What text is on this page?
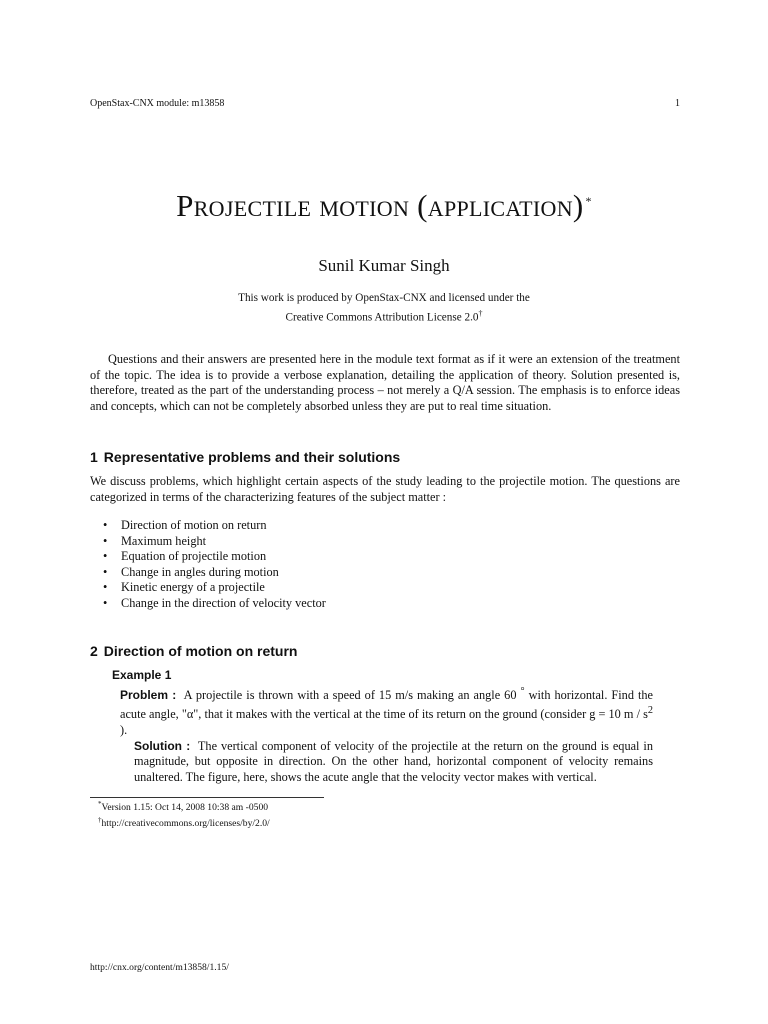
OpenStax-CNX module: m13858	1
Projectile motion (application) *
Sunil Kumar Singh
This work is produced by OpenStax-CNX and licensed under the
Creative Commons Attribution License 2.0†

Questions and their answers are presented here in the module text format as if it were an extension of the treatment of the topic. The idea is to provide a verbose explanation, detailing the application of theory. Solution presented is, therefore, treated as the part of the understanding process – not merely a Q/A session. The emphasis is to enforce ideas and concepts, which can not be completely absorbed unless they are put to real time situation.

1 Representative problems and their solutions

We discuss problems, which highlight certain aspects of the study leading to the projectile motion. The questions are categorized in terms of the characterizing features of the subject matter :

• Direction of motion on return
• Maximum height
• Equation of projectile motion
• Change in angles during motion
• Kinetic energy of a projectile
• Change in the direction of velocity vector
2 Direction of motion on return
Example 1

Problem : A projectile is thrown with a speed of 15 m/s making an angle 60 ° with horizontal. Find the acute angle, "α", that it makes with the vertical at the time of its return on the ground (consider g = 10 m / $s^2$ ).

Solution : The vertical component of velocity of the projectile at the return on the ground is equal in magnitude, but opposite in direction. On the other hand, horizontal component of velocity remains unaltered. The figure, here, shows the acute angle that the velocity vector makes with vertical.

*Version 1.15: Oct 14, 2008 10:38 am -0500
†http://creativecommons.org/licenses/by/2.0/
http://cnx.org/content/m13858/1.15/
